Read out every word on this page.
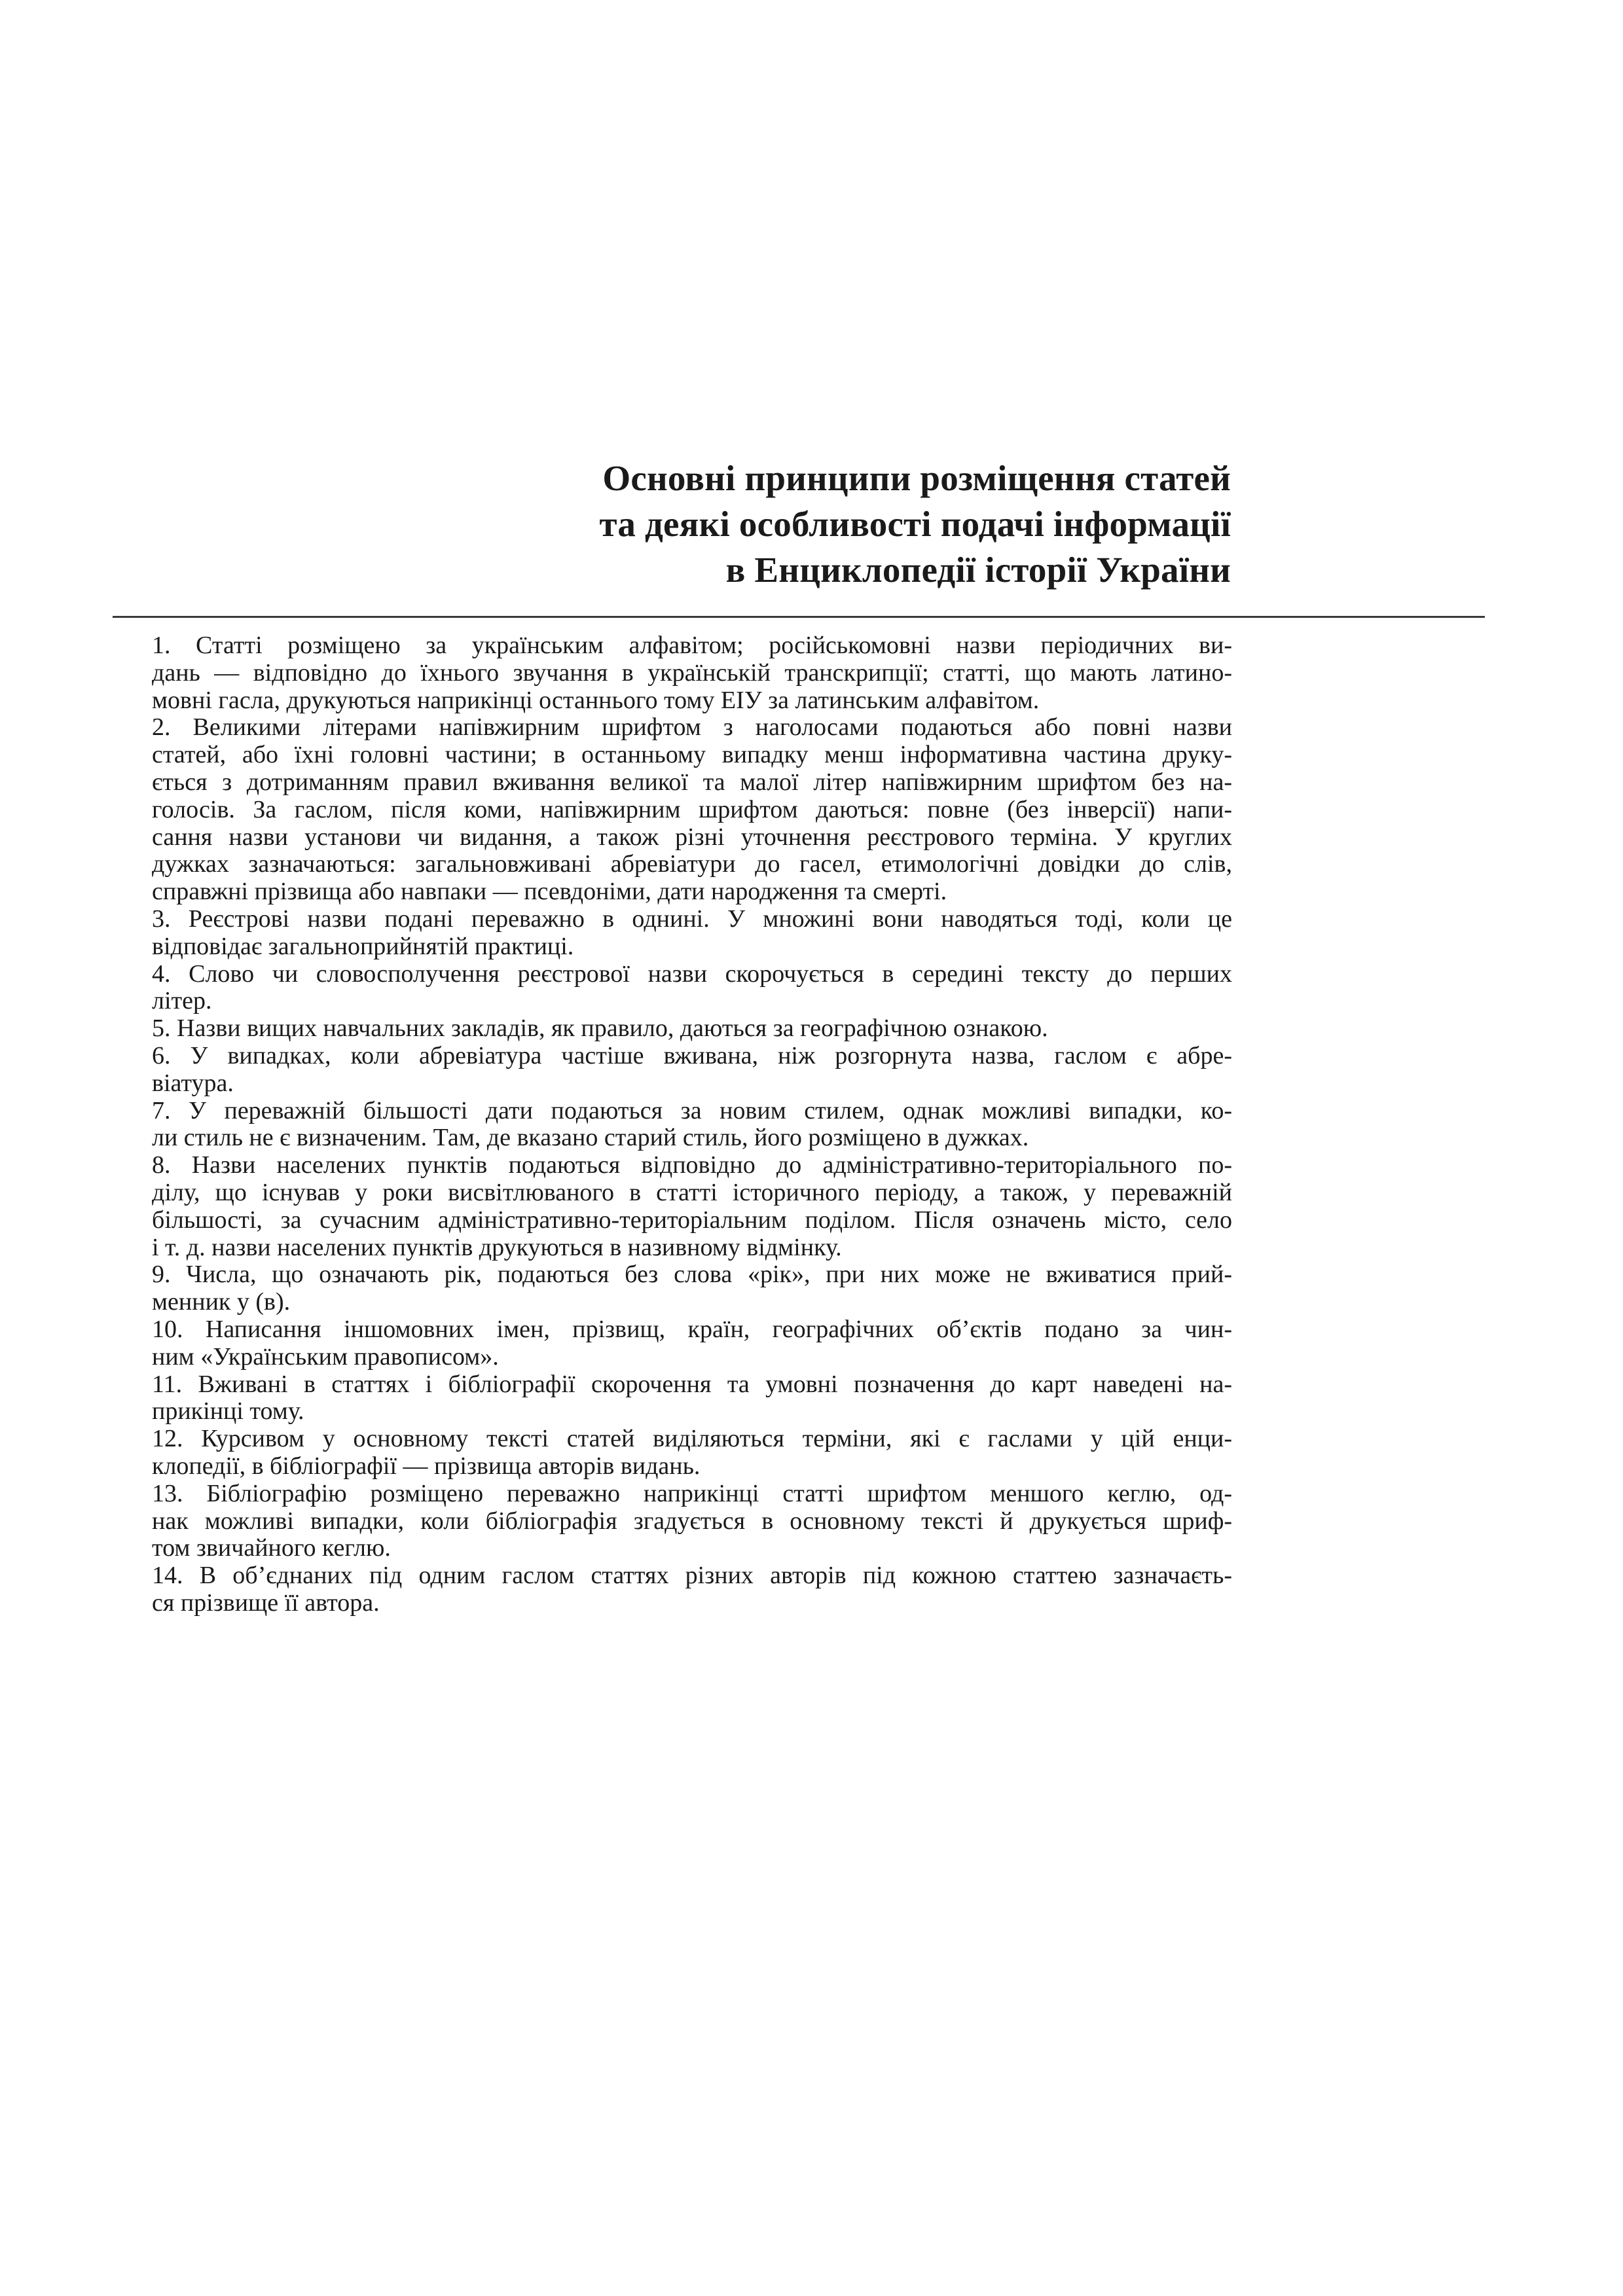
Основні принципи розміщення статей
та деякі особливості подачі інформації
в Енциклопедії історії України

1. Статті розміщено за українським алфавітом; російськомовні назви періодичних ви-
дань — відповідно до їхнього звучання в українській транскрипції; статті, що мають латино-
мовні гасла, друкуються наприкінці останнього тому ЕІУ за латинським алфавітом.

2. Великими літерами напівжирним шрифтом з наголосами подаються або повні назви
статей, або їхні головні частини; в останньому випадку менш інформативна частина друку-
ється з дотриманням правил вживання великої та малої літер напівжирним шрифтом без на-
голосів. За гаслом, після коми, напівжирним шрифтом даються: повне (без інверсії) напи-
сання назви установи чи видання, а також різні уточнення реєстрового терміна. У круглих
дужках зазначаються: загальновживані абревіатури до гасел, етимологічні довідки до слів,
справжні прізвища або навпаки — псевдоніми, дати народження та смерті.

3. Реєстрові назви подані переважно в однині. У множині вони наводяться тоді, коли це
відповідає загальноприйнятій практиці.

4. Слово чи словосполучення реєстрової назви скорочується в середині тексту до перших
літер.

5. Назви вищих навчальних закладів, як правило, даються за географічною ознакою.

6. У випадках, коли абревіатура частіше вживана, ніж розгорнута назва, гаслом є абре-
віатура.

7. У переважній більшості дати подаються за новим стилем, однак можливі випадки, ко-
ли стиль не є визначеним. Там, де вказано старий стиль, його розміщено в дужках.

8. Назви населених пунктів подаються відповідно до адміністративно-територіального по-
ділу, що існував у роки висвітлюваного в статті історичного періоду, а також, у переважній
більшості, за сучасним адміністративно-територіальним поділом. Після означень місто, село
і т. д. назви населених пунктів друкуються в називному відмінку.

9. Числа, що означають рік, подаються без слова «рік», при них може не вживатися прий-
менник у (в).

10. Написання іншомовних імен, прізвищ, країн, географічних об’єктів подано за чин-
ним «Українським правописом».

11. Вживані в статтях і бібліографії скорочення та умовні позначення до карт наведені на-
прикінці тому.

12. Курсивом у основному тексті статей виділяються терміни, які є гаслами у цій енци-
клопедії, в бібліографії — прізвища авторів видань.

13. Бібліографію розміщено переважно наприкінці статті шрифтом меншого кеглю, од-
нак можливі випадки, коли бібліографія згадується в основному тексті й друкується шриф-
том звичайного кеглю.

14. В об’єднаних під одним гаслом статтях різних авторів під кожною статтею зазначаєть-
ся прізвище її автора.
